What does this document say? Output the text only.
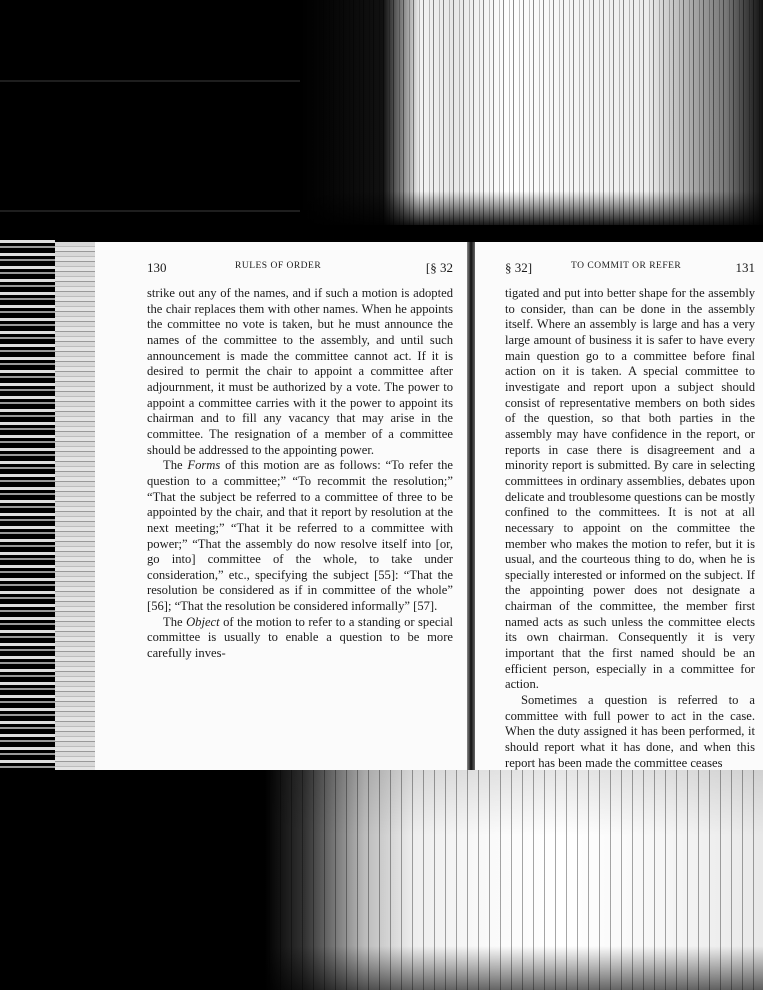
130	RULES OF ORDER	[§ 32

strike out any of the names, and if such a motion is adopted the chair replaces them with other names. When he appoints the committee no vote is taken, but he must announce the names of the committee to the assembly, and until such announcement is made the committee cannot act. If it is desired to permit the chair to appoint a committee after adjournment, it must be authorized by a vote. The power to appoint a committee carries with it the power to appoint its chairman and to fill any vacancy that may arise in the committee. The resignation of a member of a committee should be addressed to the appointing power.

The Forms of this motion are as follows: “To refer the question to a committee;” “To recommit the resolution;” “That the subject be referred to a committee of three to be appointed by the chair, and that it report by resolution at the next meeting;” “That it be referred to a committee with power;” “That the assembly do now resolve itself into [or, go into] committee of the whole, to take under consideration,” etc., specifying the subject [55]: “That the resolution be considered as if in committee of the whole” [56]; “That the resolution be considered informally” [57].

The Object of the motion to refer to a standing or special committee is usually to enable a question to be more carefully inves-

§ 32]	TO COMMIT OR REFER	131

tigated and put into better shape for the assembly to consider, than can be done in the assembly itself. Where an assembly is large and has a very large amount of business it is safer to have every main question go to a committee before final action on it is taken. A special committee to investigate and report upon a subject should consist of representative members on both sides of the question, so that both parties in the assembly may have confidence in the report, or reports in case there is disagreement and a minority report is submitted. By care in selecting committees in ordinary assemblies, debates upon delicate and troublesome questions can be mostly confined to the committees. It is not at all necessary to appoint on the committee the member who makes the motion to refer, but it is usual, and the courteous thing to do, when he is specially interested or informed on the subject. If the appointing power does not designate a chairman of the committee, the member first named acts as such unless the committee elects its own chairman. Consequently it is very important that the first named should be an efficient person, especially in a committee for action.

Sometimes a question is referred to a committee with full power to act in the case. When the duty assigned it has been performed, it should report what it has done, and when this report has been made the committee ceases
